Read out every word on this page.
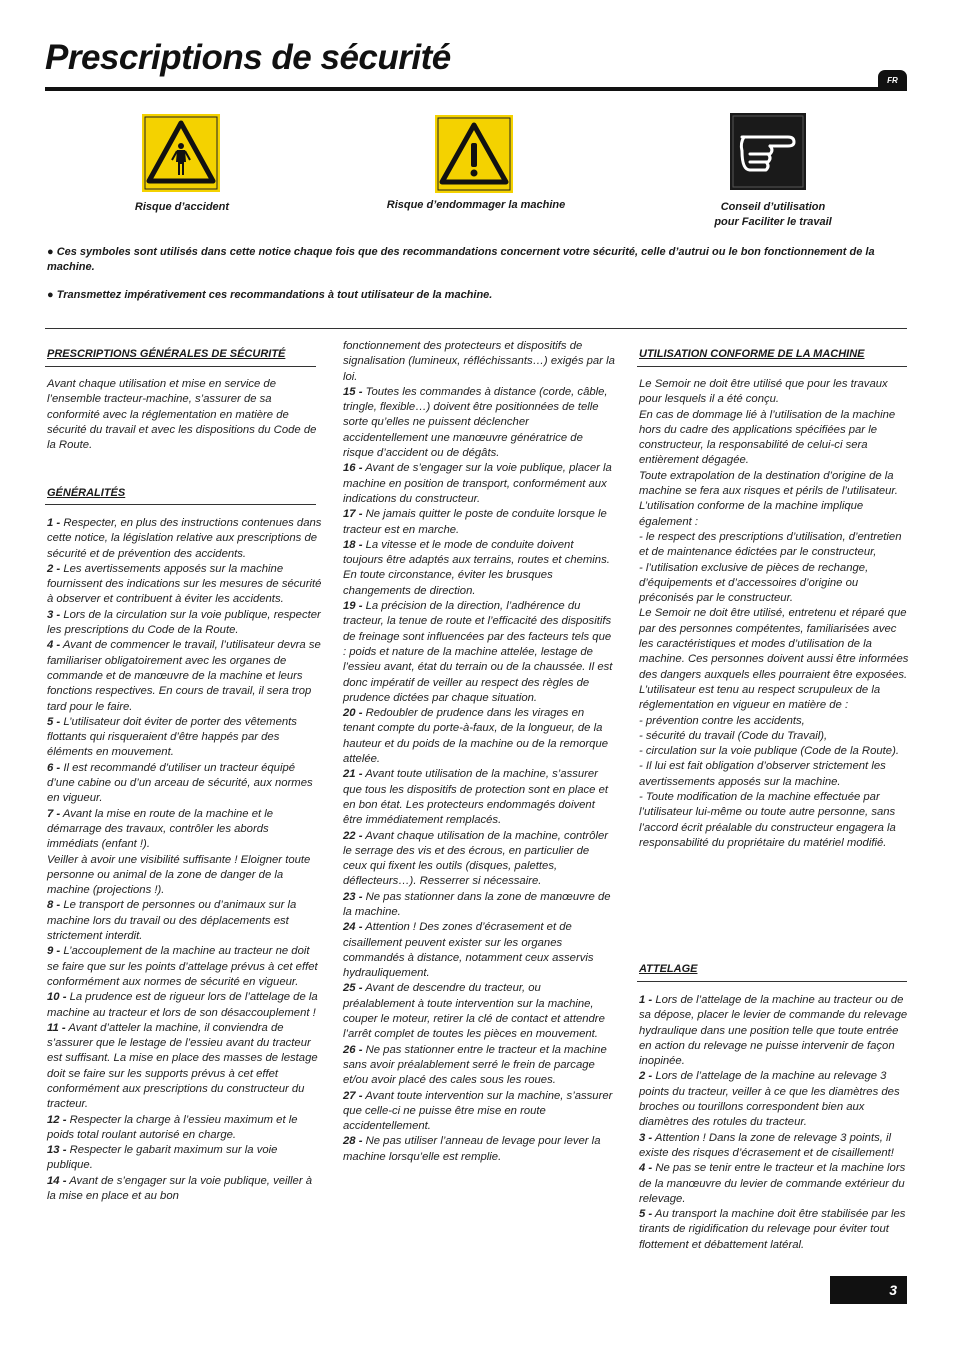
Prescriptions de sécurité
FR
Risque d’accident	Risque d’endommager la machine	Conseil d’utilisation
pour Faciliter le travail

● Ces symboles sont utilisés dans cette notice chaque fois que des recommandations concernent votre sécurité, celle d’autrui ou le bon fonctionnement de la machine.

● Transmettez impérativement ces recommandations à tout utilisateur de la machine.

PRESCRIPTIONS GÉNÉRALES DE SÉCURITÉ

Avant chaque utilisation et mise en service de l’ensemble tracteur-machine, s’assurer de sa conformité avec la réglementation en matière de sécurité du travail et avec les dispositions du Code de la Route.

GÉNÉRALITÉS

1 - Respecter, en plus des instructions contenues dans cette notice, la législation relative aux prescriptions de sécurité et de prévention des accidents.

2 - Les avertissements apposés sur la machine fournissent des indications sur les mesures de sécurité à observer et contribuent à éviter les accidents.

3 - Lors de la circulation sur la voie publique, respecter les prescriptions du Code de la Route.

4 - Avant de commencer le travail, l’utilisateur devra se familiariser obligatoirement avec les organes de commande et de manœuvre de la machine et leurs fonctions respectives. En cours de travail, il sera trop tard pour le faire.

5 - L’utilisateur doit éviter de porter des vêtements flottants qui risqueraient d’être happés par des éléments en mouvement.

6 - Il est recommandé d’utiliser un tracteur équipé d’une cabine ou d’un arceau de sécurité, aux normes en vigueur.

7 - Avant la mise en route de la machine et le démarrage des travaux, contrôler les abords immédiats (enfant !).

Veiller à avoir une visibilité suffisante ! Eloigner toute personne ou animal de la zone de danger de la machine (projections !).

8 - Le transport de personnes ou d’animaux sur la machine lors du travail ou des déplacements est strictement interdit.

9 - L’accouplement de la machine au tracteur ne doit se faire que sur les points d’attelage prévus à cet effet conformément aux normes de sécurité en vigueur.

10 - La prudence est de rigueur lors de l’attelage de la machine au tracteur et lors de son désaccouplement !

11 - Avant d’atteler la machine, il conviendra de s’assurer que le lestage de l’essieu avant du tracteur est suffisant. La mise en place des masses de lestage doit se faire sur les supports prévus à cet effet conformément aux prescriptions du constructeur du tracteur.

12 - Respecter la charge à l’essieu maximum et le poids total roulant autorisé en charge.

13 - Respecter le gabarit maximum sur la voie publique.

14 - Avant de s’engager sur la voie publique, veiller à la mise en place et au bon

fonctionnement des protecteurs et dispositifs de signalisation (lumineux, réfléchissants…) exigés par la loi.

15 - Toutes les commandes à distance (corde, câble, tringle, flexible…) doivent être positionnées de telle sorte qu’elles ne puissent déclencher accidentellement une manœuvre génératrice de risque d’accident ou de dégâts.

16 - Avant de s’engager sur la voie publique, placer la machine en position de transport, conformément aux indications du constructeur.

17 - Ne jamais quitter le poste de conduite lorsque le tracteur est en marche.

18 - La vitesse et le mode de conduite doivent toujours être adaptés aux terrains, routes et chemins. En toute circonstance, éviter les brusques changements de direction.

19 - La précision de la direction, l’adhérence du tracteur, la tenue de route et l’efficacité des dispositifs de freinage sont influencées par des facteurs tels que : poids et nature de la machine attelée, lestage de l’essieu avant, état du terrain ou de la chaussée. Il est donc impératif de veiller au respect des règles de prudence dictées par chaque situation.

20 - Redoubler de prudence dans les virages en tenant compte du porte-à-faux, de la longueur, de la hauteur et du poids de la machine ou de la remorque attelée.

21 - Avant toute utilisation de la machine, s’assurer que tous les dispositifs de protection sont en place et en bon état. Les protecteurs endommagés doivent être immédiatement remplacés.

22 - Avant chaque utilisation de la machine, contrôler le serrage des vis et des écrous, en particulier de ceux qui fixent les outils (disques, palettes, déflecteurs…). Resserrer si nécessaire.

23 - Ne pas stationner dans la zone de manœuvre de la machine.

24 - Attention ! Des zones d’écrasement et de cisaillement peuvent exister sur les organes commandés à distance, notamment ceux asservis hydrauliquement.

25 - Avant de descendre du tracteur, ou préalablement à toute intervention sur la machine, couper le moteur, retirer la clé de contact et attendre l’arrêt complet de toutes les pièces en mouvement.

26 - Ne pas stationner entre le tracteur et la machine sans avoir préalablement serré le frein de parcage et/ou avoir placé des cales sous les roues.

27 - Avant toute intervention sur la machine, s’assurer que celle-ci ne puisse être mise en route accidentellement.

28 - Ne pas utiliser l’anneau de levage pour lever la machine lorsqu’elle est remplie.

UTILISATION CONFORME DE LA MACHINE

Le Semoir ne doit être utilisé que pour les travaux pour lesquels il a été conçu.

En cas de dommage lié à l’utilisation de la machine hors du cadre des applications spécifiées par le constructeur, la responsabilité de celui-ci sera entièrement dégagée.

Toute extrapolation de la destination d’origine de la machine se fera aux risques et périls de l’utilisateur.

L’utilisation conforme de la machine implique également :

- le respect des prescriptions d’utilisation, d’entretien et de maintenance édictées par le constructeur,

- l’utilisation exclusive de pièces de rechange, d’équipements et d’accessoires d’origine ou préconisés par le constructeur.

Le Semoir ne doit être utilisé, entretenu et réparé que par des personnes compétentes, familiarisées avec les caractéristiques et modes d’utilisation de la machine. Ces personnes doivent aussi être informées des dangers auxquels elles pourraient être exposées.

L’utilisateur est tenu au respect scrupuleux de la réglementation en vigueur en matière de :

- prévention contre les accidents,

- sécurité du travail (Code du Travail),

- circulation sur la voie publique (Code de la Route).

- Il lui est fait obligation d’observer strictement les avertissements apposés sur la machine.

- Toute modification de la machine effectuée par l’utilisateur lui-même ou toute autre personne, sans l’accord écrit préalable du constructeur engagera la responsabilité du propriétaire du matériel modifié.

ATTELAGE

1 - Lors de l’attelage de la machine au tracteur ou de sa dépose, placer le levier de commande du relevage hydraulique dans une position telle que toute entrée en action du relevage ne puisse intervenir de façon inopinée.

2 - Lors de l’attelage de la machine au relevage 3 points du tracteur, veiller à ce que les diamètres des broches ou tourillons correspondent bien aux diamètres des rotules du tracteur.

3 - Attention ! Dans la zone de relevage 3 points, il existe des risques d’écrasement et de cisaillement!

4 - Ne pas se tenir entre le tracteur et la machine lors de la manœuvre du levier de commande extérieur du relevage.

5 - Au transport la machine doit être stabilisée par les tirants de rigidification du relevage pour éviter tout flottement et débattement latéral.

3
